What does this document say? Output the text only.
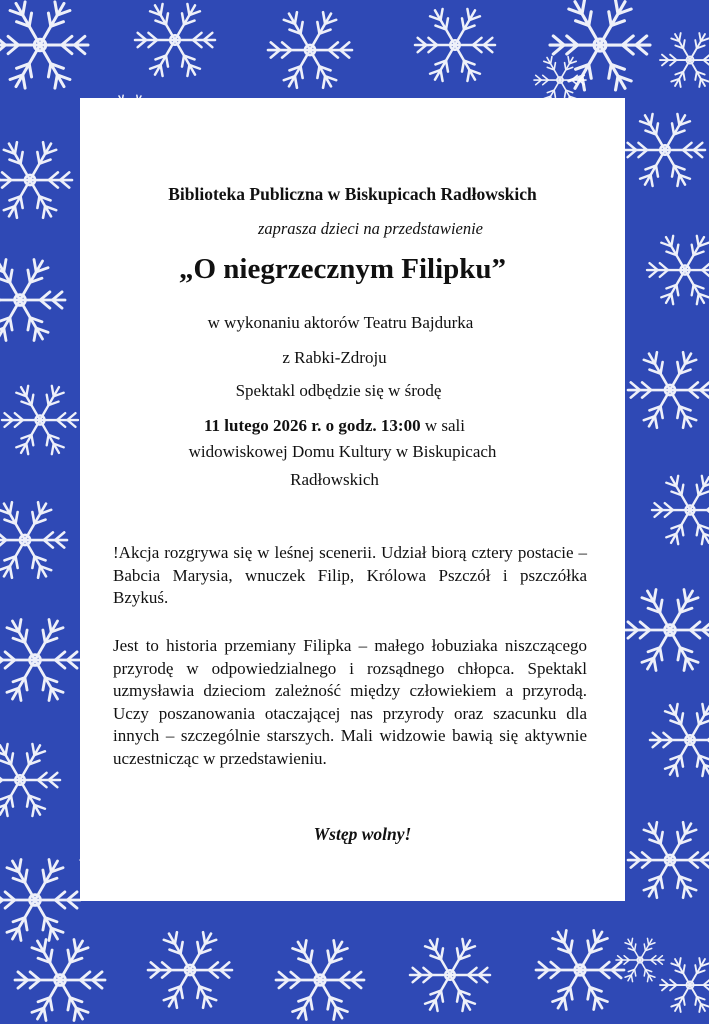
Biblioteka Publiczna w Biskupicach Radłowskich
zaprasza dzieci na przedstawienie
„O niegrzecznym Filipku”
w wykonaniu aktorów Teatru Bajdurka
z Rabki-Zdroju
Spektakl odbędzie się w środę
11 lutego 2026 r. o godz. 13:00 w sali
widowiskowej Domu Kultury w Biskupicach
Radłowskich
!Akcja rozgrywa się w leśnej scenerii. Udział biorą cztery postacie – Babcia Marysia, wnuczek Filip, Królowa Pszczół i pszczółka Bzykuś.
Jest to historia przemiany Filipka – małego łobuziaka niszczącego przyrodę w odpowiedzialnego i rozsądnego chłopca. Spektakl uzmysławia dzieciom zależność między człowiekiem a przyrodą. Uczy poszanowania otaczającej nas przyrody oraz szacunku dla innych – szczególnie starszych. Mali widzowie bawią się aktywnie uczestnicząc w przedstawieniu.
Wstęp wolny!
